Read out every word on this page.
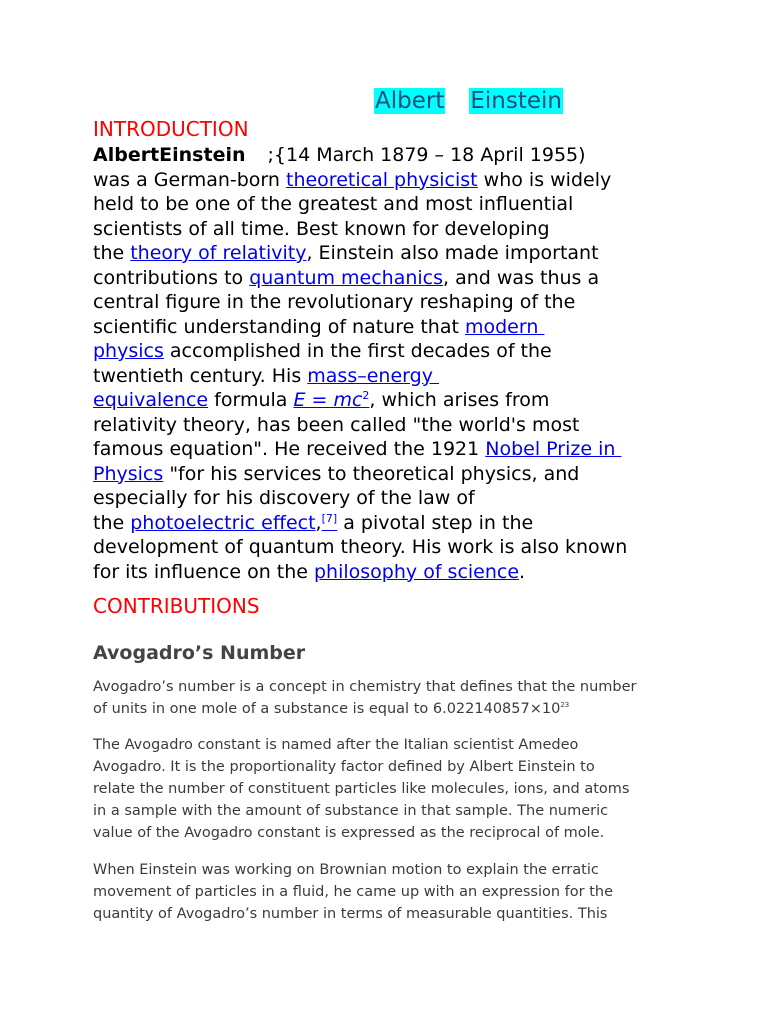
Albert Einstein
INTRODUCTION
AlbertEinstein ;{14 March 1879 – 18 April 1955)
was a German-born theoretical physicist who is widely
held to be one of the greatest and most influential
scientists of all time. Best known for developing
the theory of relativity, Einstein also made important
contributions to quantum mechanics, and was thus a
central figure in the revolutionary reshaping of the
scientific understanding of nature that modern
physics accomplished in the first decades of the
twentieth century. His mass–energy
equivalence formula $E = mc^2$, which arises from
relativity theory, has been called "the world's most
famous equation". He received the 1921 Nobel Prize in
Physics "for his services to theoretical physics, and
especially for his discovery of the law of
the photoelectric effect,[7] a pivotal step in the
development of quantum theory. His work is also known
for its influence on the philosophy of science.
CONTRIBUTIONS
Avogadro’s Number
Avogadro’s number is a concept in chemistry that defines that the number
of units in one mole of a substance is equal to $6.022140857\times 10^{23}$
The Avogadro constant is named after the Italian scientist Amedeo
Avogadro. It is the proportionality factor defined by Albert Einstein to
relate the number of constituent particles like molecules, ions, and atoms
in a sample with the amount of substance in that sample. The numeric
value of the Avogadro constant is expressed as the reciprocal of mole.
When Einstein was working on Brownian motion to explain the erratic
movement of particles in a fluid, he came up with an expression for the
quantity of Avogadro’s number in terms of measurable quantities. This
